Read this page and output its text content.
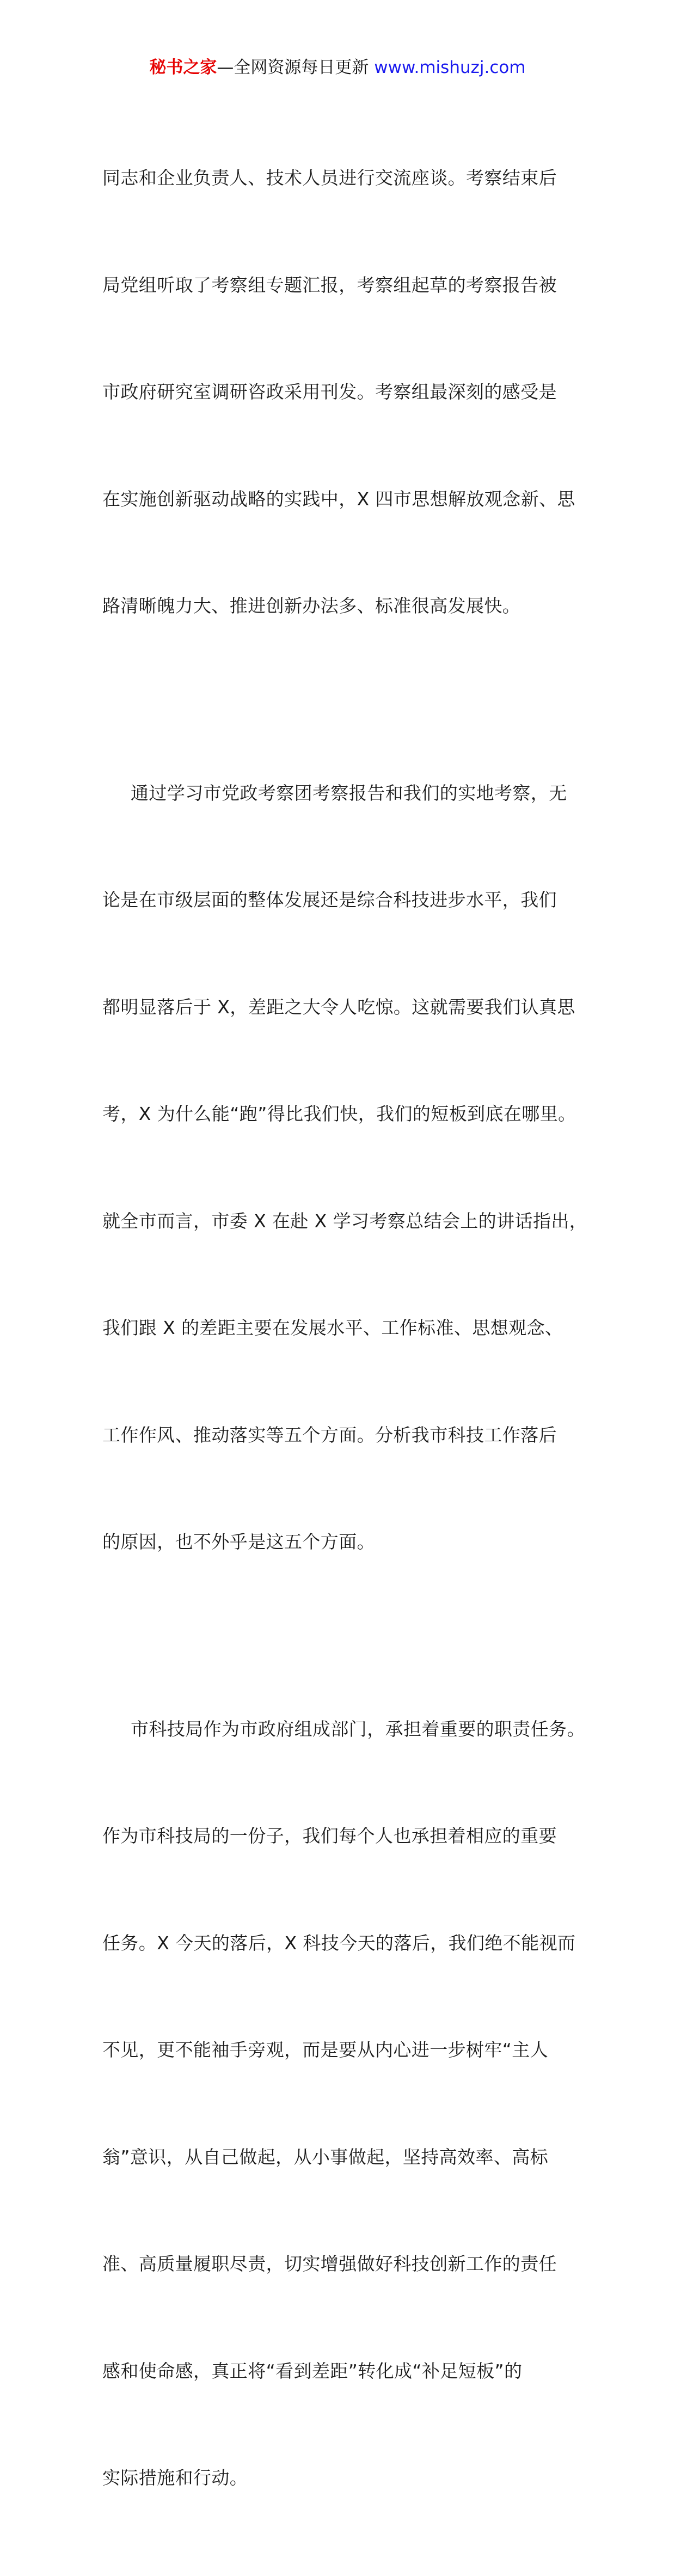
秘书之家—全网资源每日更新 www.mishuzj.com

同志和企业负责人、技术人员进行交流座谈。考察结束后

局党组听取了考察组专题汇报，考察组起草的考察报告被

市政府研究室调研咨政采用刊发。考察组最深刻的感受是

在实施创新驱动战略的实践中，X 四市思想解放观念新、思

路清晰魄力大、推进创新办法多、标准很高发展快。

通过学习市党政考察团考察报告和我们的实地考察，无

论是在市级层面的整体发展还是综合科技进步水平，我们

都明显落后于 X，差距之大令人吃惊。这就需要我们认真思

考，X 为什么能“跑”得比我们快，我们的短板到底在哪里。

就全市而言，市委 X 在赴 X 学习考察总结会上的讲话指出，

我们跟 X 的差距主要在发展水平、工作标准、思想观念、

工作作风、推动落实等五个方面。分析我市科技工作落后

的原因，也不外乎是这五个方面。

市科技局作为市政府组成部门，承担着重要的职责任务。

作为市科技局的一份子，我们每个人也承担着相应的重要

任务。X 今天的落后，X 科技今天的落后，我们绝不能视而

不见，更不能袖手旁观，而是要从内心进一步树牢“主人

翁”意识，从自己做起，从小事做起，坚持高效率、高标

准、高质量履职尽责，切实增强做好科技创新工作的责任

感和使命感，真正将“看到差距”转化成“补足短板”的

实际措施和行动。
